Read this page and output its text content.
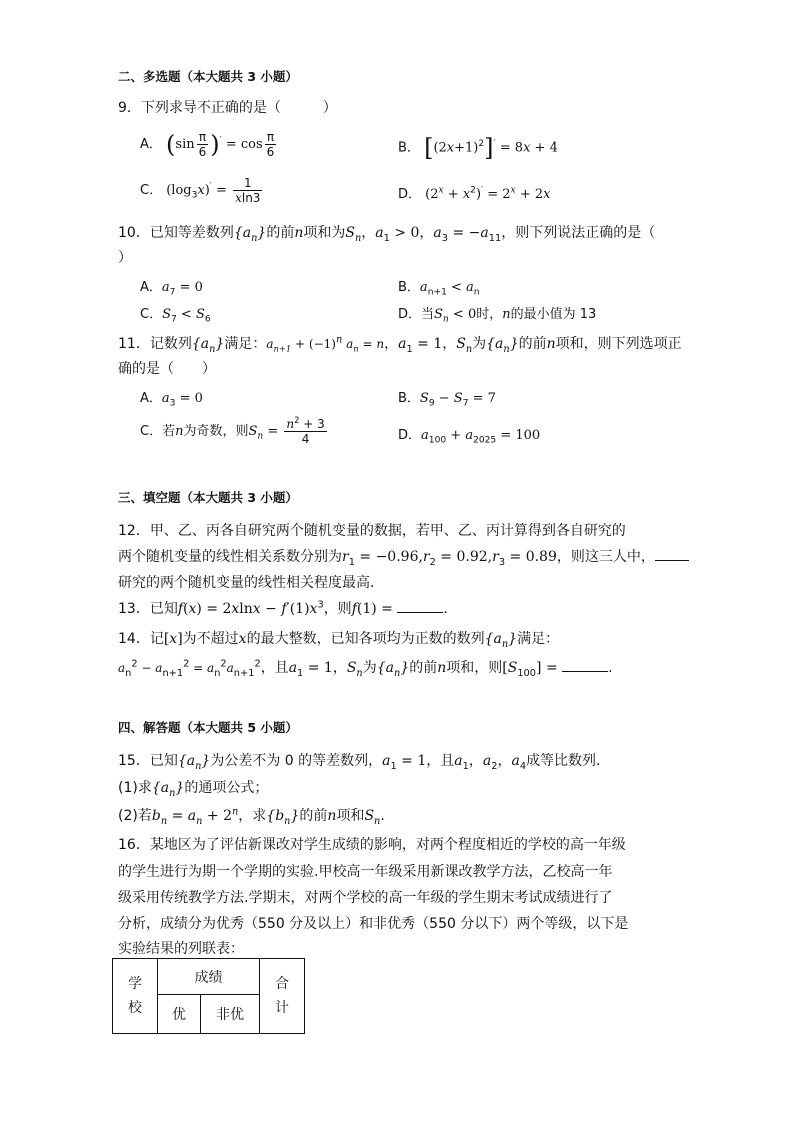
二、多选题（本大题共 3 小题）
9．下列求导不正确的是（　　　）
A． $(\sin \frac{\pi}{6} )' = \cos \frac{\pi}{6}$	B． $[(2x+1)^2]' = 8x + 4$
C． $(\log_3x)' = \frac{1}{xln3}$	D． $(2^x + x^2)' = 2^x + 2x$
10．已知等差数列$\{a_n\}$的前n项和为$S_n$，$a_1 > 0$，$a_3 = -a_{11}$，则下列说法正确的是（
）
A．$a_7 = 0$	B．$a_{n+1} < a_n$
C．$S_7 < S_6$	D．当$S_n < 0$时，n的最小值为 13
11．记数列$\{a_n\}$满足：$a_{n+1} + (-1)^n$ $a_n = n$，$a_1 = 1$，$S_n$为$\{a_n\}$的前n项和，则下列选项正
确的是（　　）
A．$a_3 = 0$	B．$S_9 - S_7 = 7$
C．若n为奇数，则$S_n = \frac{n^2 + 3}{4}$	D．$a_{100} + a_{2025} = 100$
三、填空题（本大题共 3 小题）
12．甲、乙、丙各自研究两个随机变量的数据，若甲、乙、丙计算得到各自研究的
两个随机变量的线性相关系数分别为$r_1 = -0.96,r_2 = 0.92,r_3 = 0.89$，则这三人中，
研究的两个随机变量的线性相关程度最高.
13．已知$f(x) = 2xlnx - f'(1)x^3$，则f(1) =	.
14．记[x]为不超过x的最大整数，已知各项均为正数的数列$\{a_n\}$满足：
$a_n^2 - a_{n+1}^2 = a_n^2a_{n+1}^2$，且$a_1 = 1$，$S_n$为$\{a_n\}$的前n项和，则$[S_{100}]$ =	.
四、解答题（本大题共 5 小题）
15．已知$\{a_n\}$为公差不为 0 的等差数列，$a_1 = 1$，且$a_1$，$a_2$，$a_4$成等比数列.
(1)求$\{a_n\}$的通项公式；
(2)若$b_n = a_n + 2^n$，求$\{b_n\}$的前n项和$S_n$.
16．某地区为了评估新课改对学生成绩的影响，对两个程度相近的学校的高一年级
的学生进行为期一个学期的实验.甲校高一年级采用新课改教学方法，乙校高一年
级采用传统教学方法.学期末，对两个学校的高一年级的学生期末考试成绩进行了
分析，成绩分为优秀（550 分及以上）和非优秀（550 分以下）两个等级，以下是
实验结果的列联表：
学
校	成绩		合
计
	优	非优	
